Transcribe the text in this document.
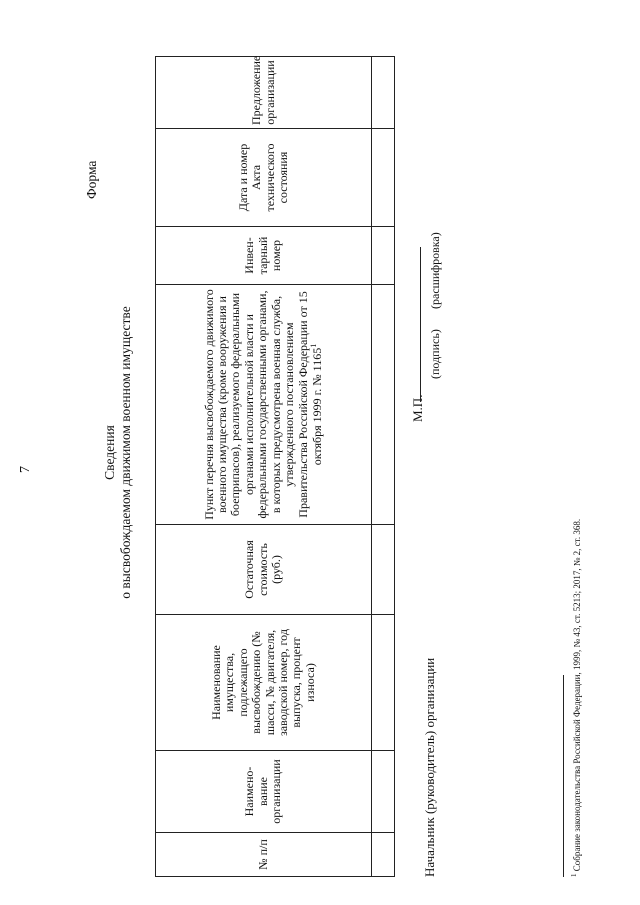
7
Форма
Сведения о высвобождаемом движимом военном имуществе
№ п/п	Наимено-вание организации	Наименование имущества, подлежащего высвобождению (№ шасси, № двигателя, заводской номер, год выпуска, процент износа)	Остаточная стоимость (руб.)	Пункт перечня высвобождаемого движимого военного имущества (кроме вооружения и боеприпасов), реализуемого федеральными органами исполнительной власти и федеральными государственными органами, в которых предусмотрена военная служба, утвержденного постановлением Правительства Российской Федерации от 15 октября 1999 г. № 1165$^1$	Инвен-тарный номер	Дата и номер Акта технического состояния	Предложение организации

Начальник (руководитель) организации
М.П.
(подпись)
(расшифровка)
$^1$ Собрание законодательства Российской Федерации, 1999, № 43, ст. 5213; 2017, № 2, ст. 368.
